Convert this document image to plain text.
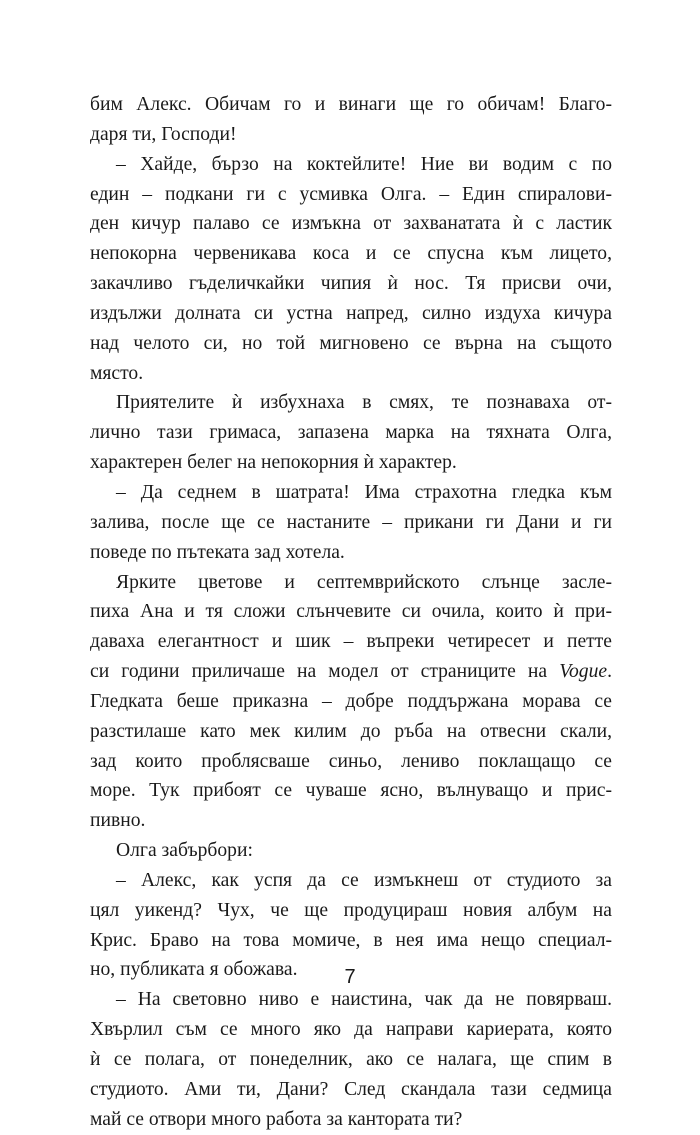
бим Алекс. Обичам го и винаги ще го обичам! Благо-
даря ти, Господи!
– Хайде, бързо на коктейлите! Ние ви водим с по
един – подкани ги с усмивка Олга. – Един спиралови-
ден кичур палаво се измъкна от захванатата ѝ с ластик
непокорна червеникава коса и се спусна към лицето,
закачливо гъделичкайки чипия ѝ нос. Тя присви очи,
издължи долната си устна напред, силно издуха кичура
над челото си, но той мигновено се върна на същото
място.
Приятелите ѝ избухнаха в смях, те познаваха от-
лично тази гримаса, запазена марка на тяхната Олга,
характерен белег на непокорния ѝ характер.
– Да седнем в шатрата! Има страхотна гледка към
залива, после ще се настаните – прикани ги Дани и ги
поведе по пътеката зад хотела.
Ярките цветове и септемврийското слънце засле-
пиха Ана и тя сложи слънчевите си очила, които ѝ при-
даваха елегантност и шик – въпреки четиресет и петте
си години приличаше на модел от страниците на Vogue.
Гледката беше приказна – добре поддържана морава се
разстилаше като мек килим до ръба на отвесни скали,
зад които проблясваше синьо, лениво поклащащо се
море. Тук прибоят се чуваше ясно, вълнуващо и прис-
пивно.
Олга забърбори:
– Алекс, как успя да се измъкнеш от студиото за
цял уикенд? Чух, че ще продуцираш новия албум на
Крис. Браво на това момиче, в нея има нещо специал-
но, публиката я обожава.
– На световно ниво е наистина, чак да не повярваш.
Хвърлил съм се много яко да направи кариерата, която
ѝ се полага, от понеделник, ако се налага, ще спим в
студиото. Ами ти, Дани? След скандала тази седмица
май се отвори много работа за кантората ти?
7
